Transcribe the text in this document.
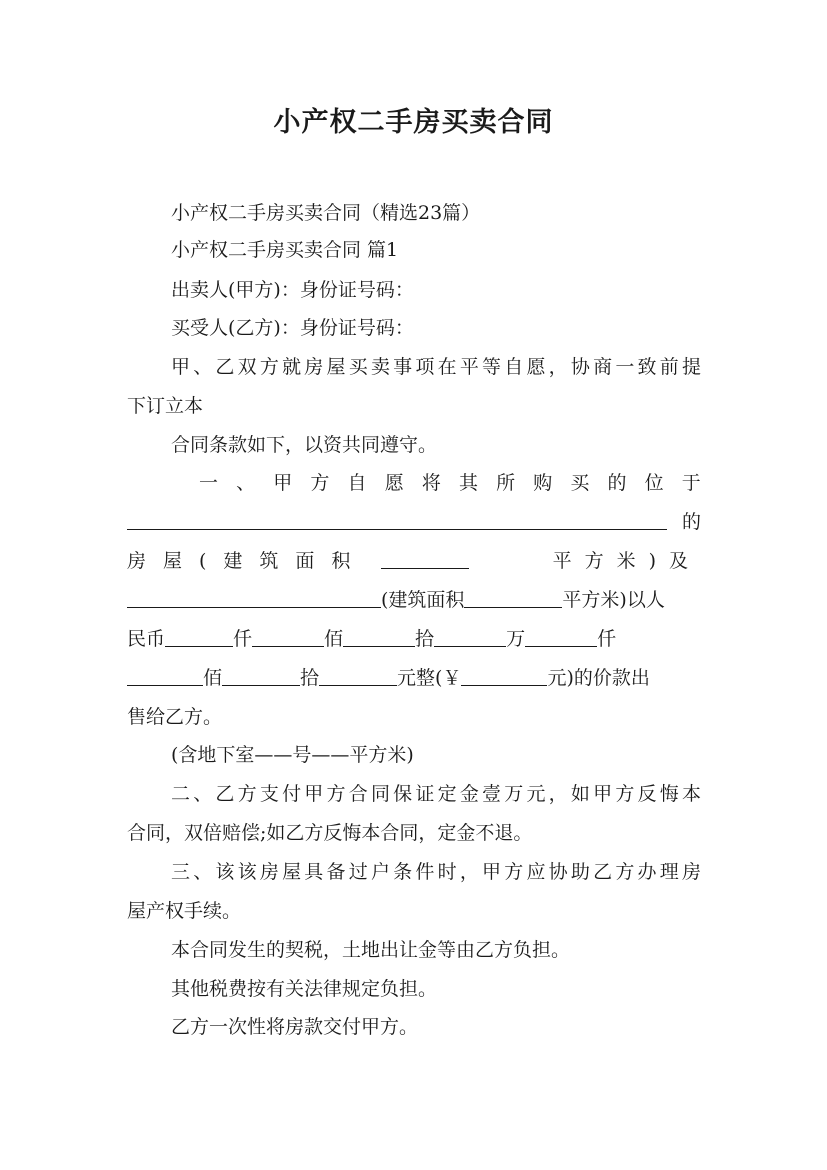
小产权二手房买卖合同

小产权二手房买卖合同（精选23篇）

小产权二手房买卖合同 篇1

出卖人(甲方)：身份证号码：

买受人(乙方)：身份证号码：

甲、乙双方就房屋买卖事项在平等自愿，协商一致前提

下订立本

合同条款如下，以资共同遵守。

一、甲方自愿将其所购买的位于

的

房屋(建筑面积	平方米)及

(建筑面积	平方米)以人

民币	仟	佰	拾	万	仟

佰	拾	元整(￥	元)的价款出

售给乙方。

(含地下室——号——平方米)

二、乙方支付甲方合同保证定金壹万元，如甲方反悔本

合同，双倍赔偿;如乙方反悔本合同，定金不退。

三、该该房屋具备过户条件时，甲方应协助乙方办理房

屋产权手续。

本合同发生的契税，土地出让金等由乙方负担。

其他税费按有关法律规定负担。

乙方一次性将房款交付甲方。
